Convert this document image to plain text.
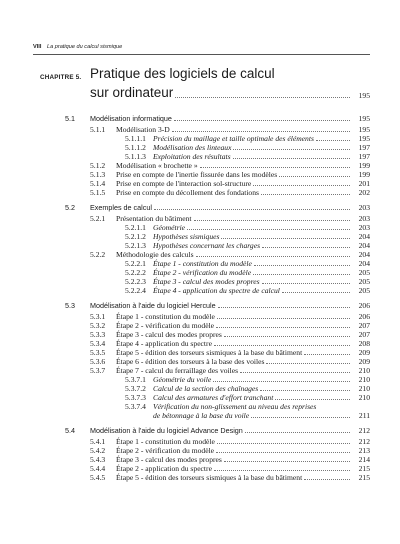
VIII La pratique du calcul sismique
CHAPITRE 5. Pratique des logiciels de calcul
sur ordinateur	195
5.1 Modélisation informatique	195
5.1.1 Modélisation 3-D	195
5.1.1.1 Précision du maillage et taille optimale des éléments	195
5.1.1.2 Modélisation des linteaux	197
5.1.1.3 Exploitation des résultats	197
5.1.2 Modélisation « brochette »	199
5.1.3 Prise en compte de l'inertie fissurée dans les modèles	199
5.1.4 Prise en compte de l'interaction sol-structure	201
5.1.5 Prise en compte du décollement des fondations	202
5.2 Exemples de calcul	203
5.2.1 Présentation du bâtiment	203
5.2.1.1 Géométrie	203
5.2.1.2 Hypothèses sismiques	204
5.2.1.3 Hypothèses concernant les charges	204
5.2.2 Méthodologie des calculs	204
5.2.2.1 Étape 1 - constitution du modèle	204
5.2.2.2 Étape 2 - vérification du modèle	205
5.2.2.3 Étape 3 - calcul des modes propres	205
5.2.2.4 Étape 4 - application du spectre de calcul	205
5.3 Modélisation à l'aide du logiciel Hercule	206
5.3.1 Étape 1 - constitution du modèle	206
5.3.2 Étape 2 - vérification du modèle	207
5.3.3 Étape 3 - calcul des modes propres	207
5.3.4 Étape 4 - application du spectre	208
5.3.5 Étape 5 - édition des torseurs sismiques à la base du bâtiment	209
5.3.6 Étape 6 - édition des torseurs à la base des voiles	209
5.3.7 Étape 7 - calcul du ferraillage des voiles	210
5.3.7.1 Géométrie du voile	210
5.3.7.2 Calcul de la section des chaînages	210
5.3.7.3 Calcul des armatures d'effort tranchant	210
5.3.7.4 Vérification du non-glissement au niveau des reprises
de bétonnage à la base du voile	211
5.4 Modélisation à l'aide du logiciel Advance Design	212
5.4.1 Étape 1 - constitution du modèle	212
5.4.2 Étape 2 - vérification du modèle	213
5.4.3 Étape 3 - calcul des modes propres	214
5.4.4 Étape 2 - application du spectre	215
5.4.5 Étape 5 - édition des torseurs sismiques à la base du bâtiment	215
